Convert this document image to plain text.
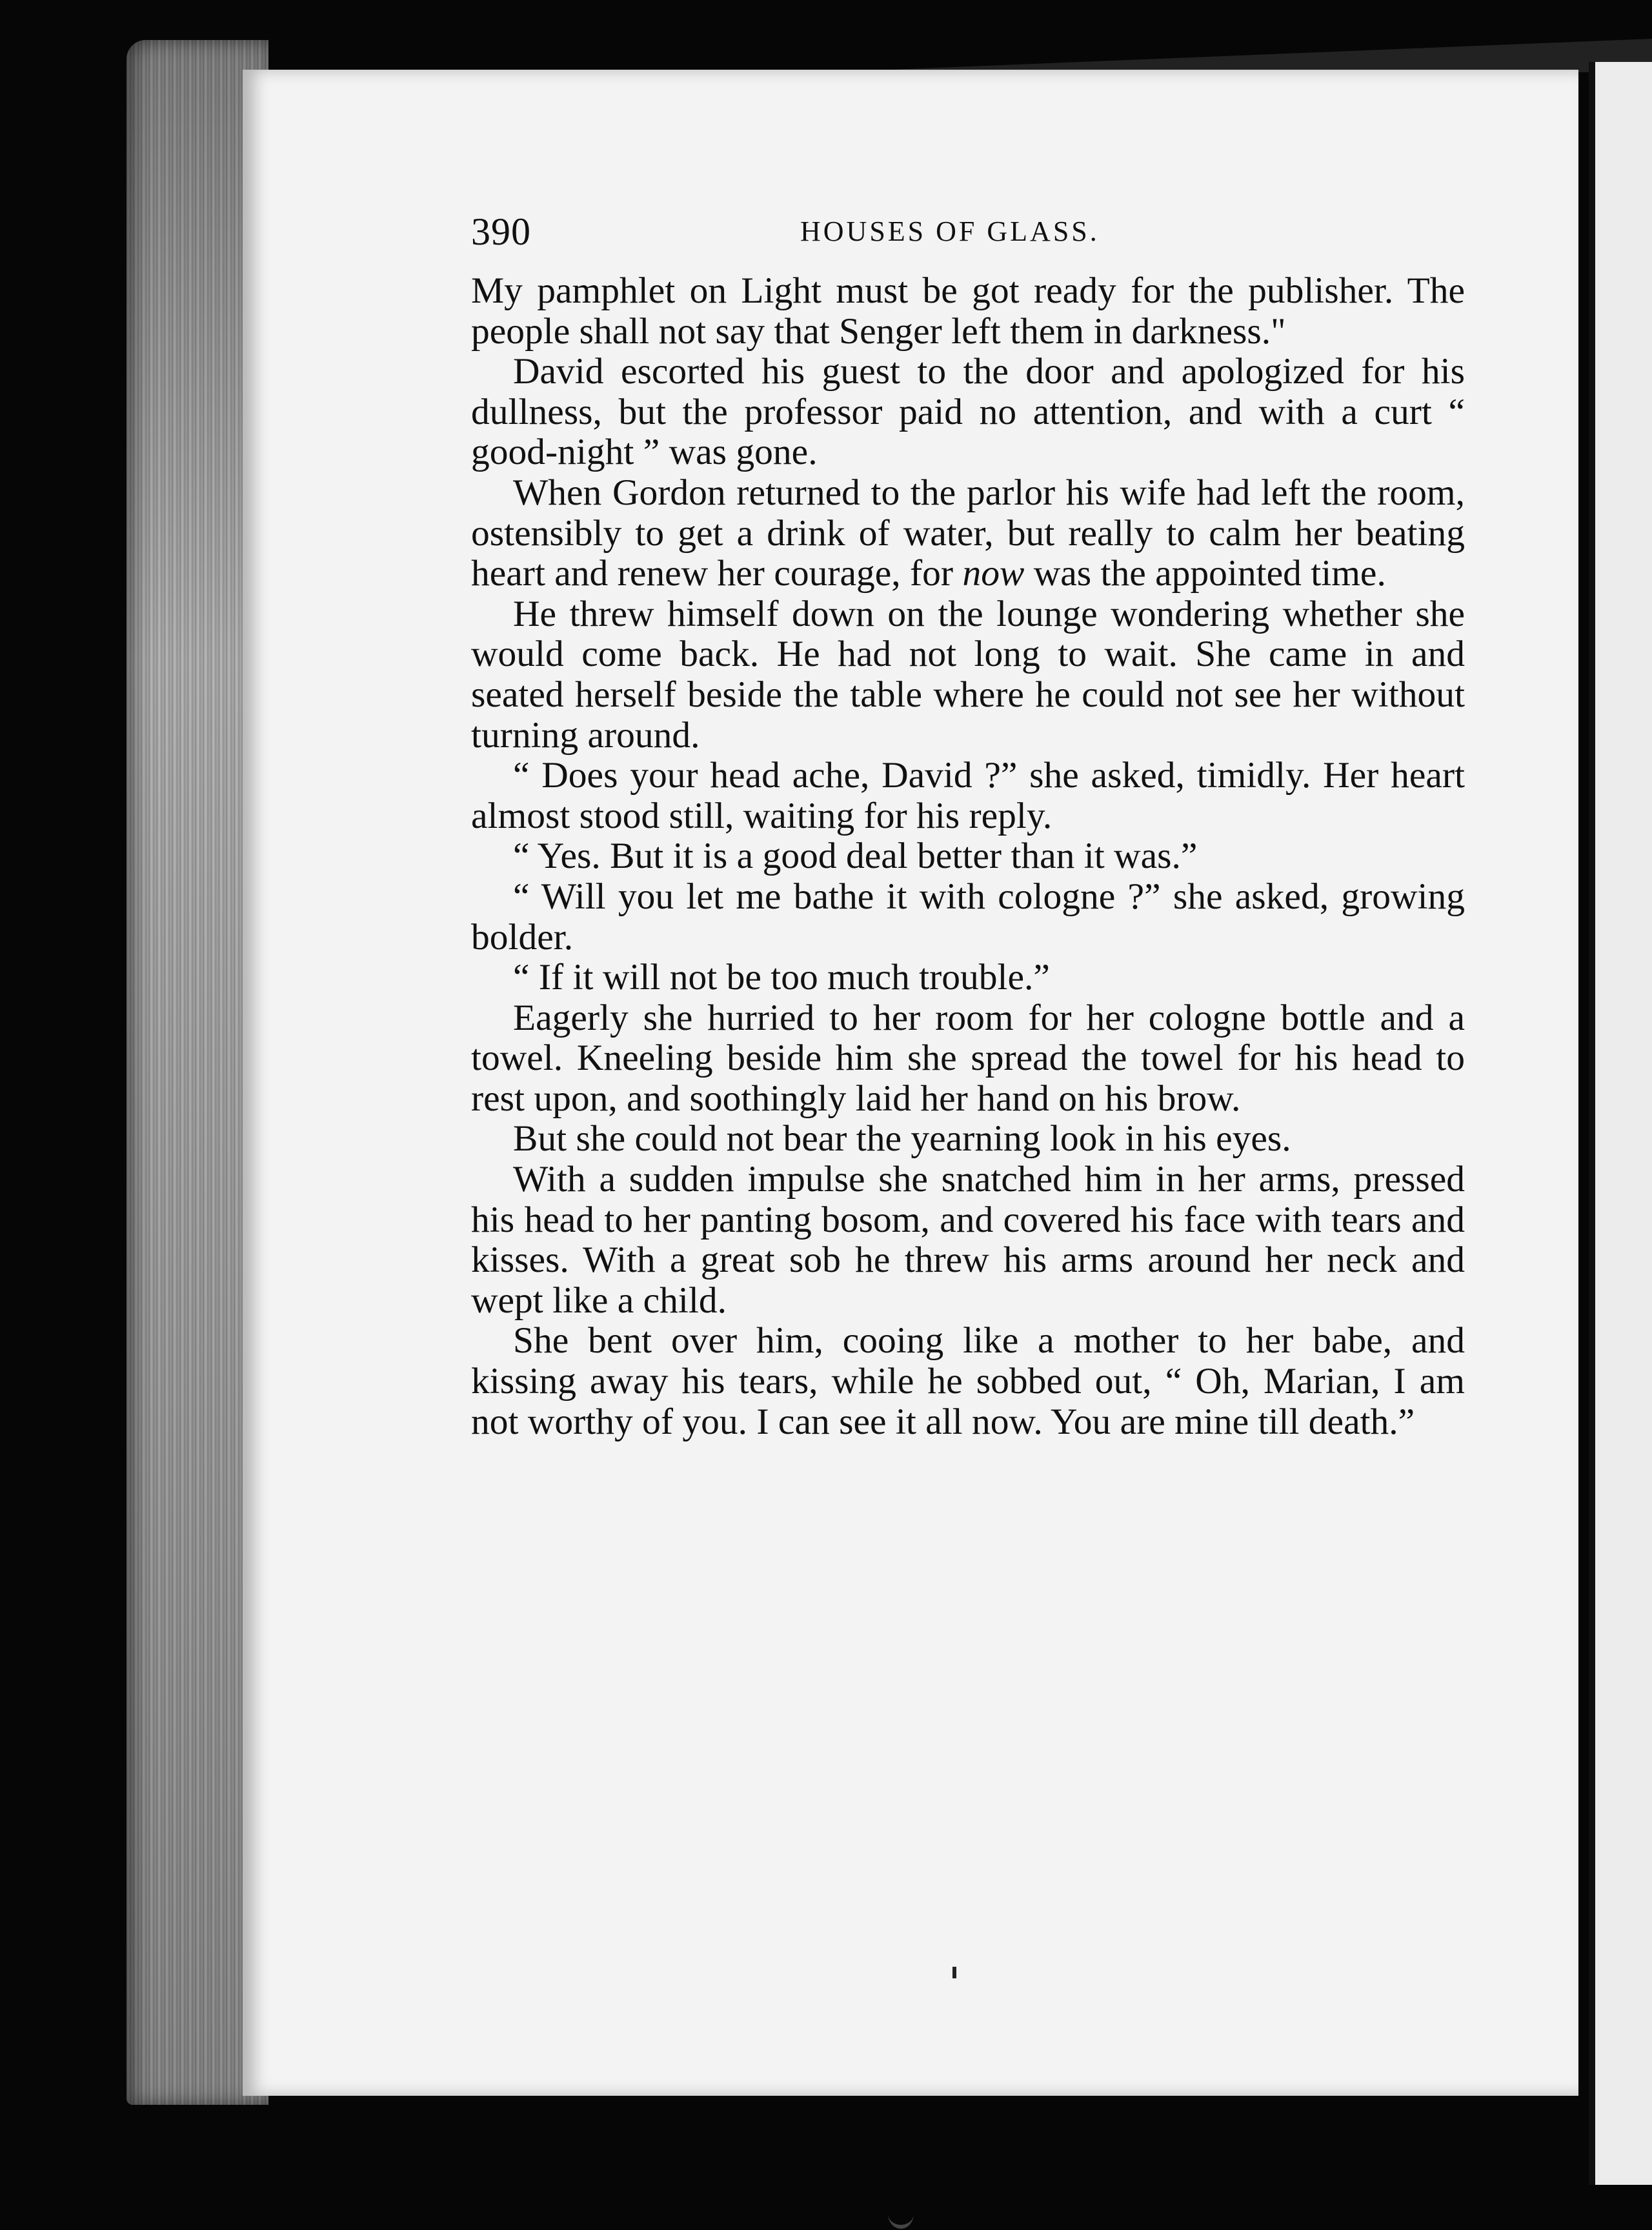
390	HOUSES OF GLASS.

My pamphlet on Light must be got ready for the publisher. The people shall not say that Senger left them in darkness."

David escorted his guest to the door and apologized for his dullness, but the professor paid no attention, and with a curt “ good-night ” was gone.

When Gordon returned to the parlor his wife had left the room, ostensibly to get a drink of water, but really to calm her beating heart and renew her courage, for now was the appointed time.

He threw himself down on the lounge wondering whether she would come back. He had not long to wait. She came in and seated herself beside the table where he could not see her without turning around.

“ Does your head ache, David ?” she asked, timidly. Her heart almost stood still, waiting for his reply.

“ Yes. But it is a good deal better than it was.”

“ Will you let me bathe it with cologne ?” she asked, growing bolder.

“ If it will not be too much trouble.”

Eagerly she hurried to her room for her cologne bottle and a towel. Kneeling beside him she spread the towel for his head to rest upon, and soothingly laid her hand on his brow.

But she could not bear the yearning look in his eyes.

With a sudden impulse she snatched him in her arms, pressed his head to her panting bosom, and covered his face with tears and kisses. With a great sob he threw his arms around her neck and wept like a child.

She bent over him, cooing like a mother to her babe, and kissing away his tears, while he sobbed out, “ Oh, Marian, I am not worthy of you. I can see it all now. You are mine till death.”
